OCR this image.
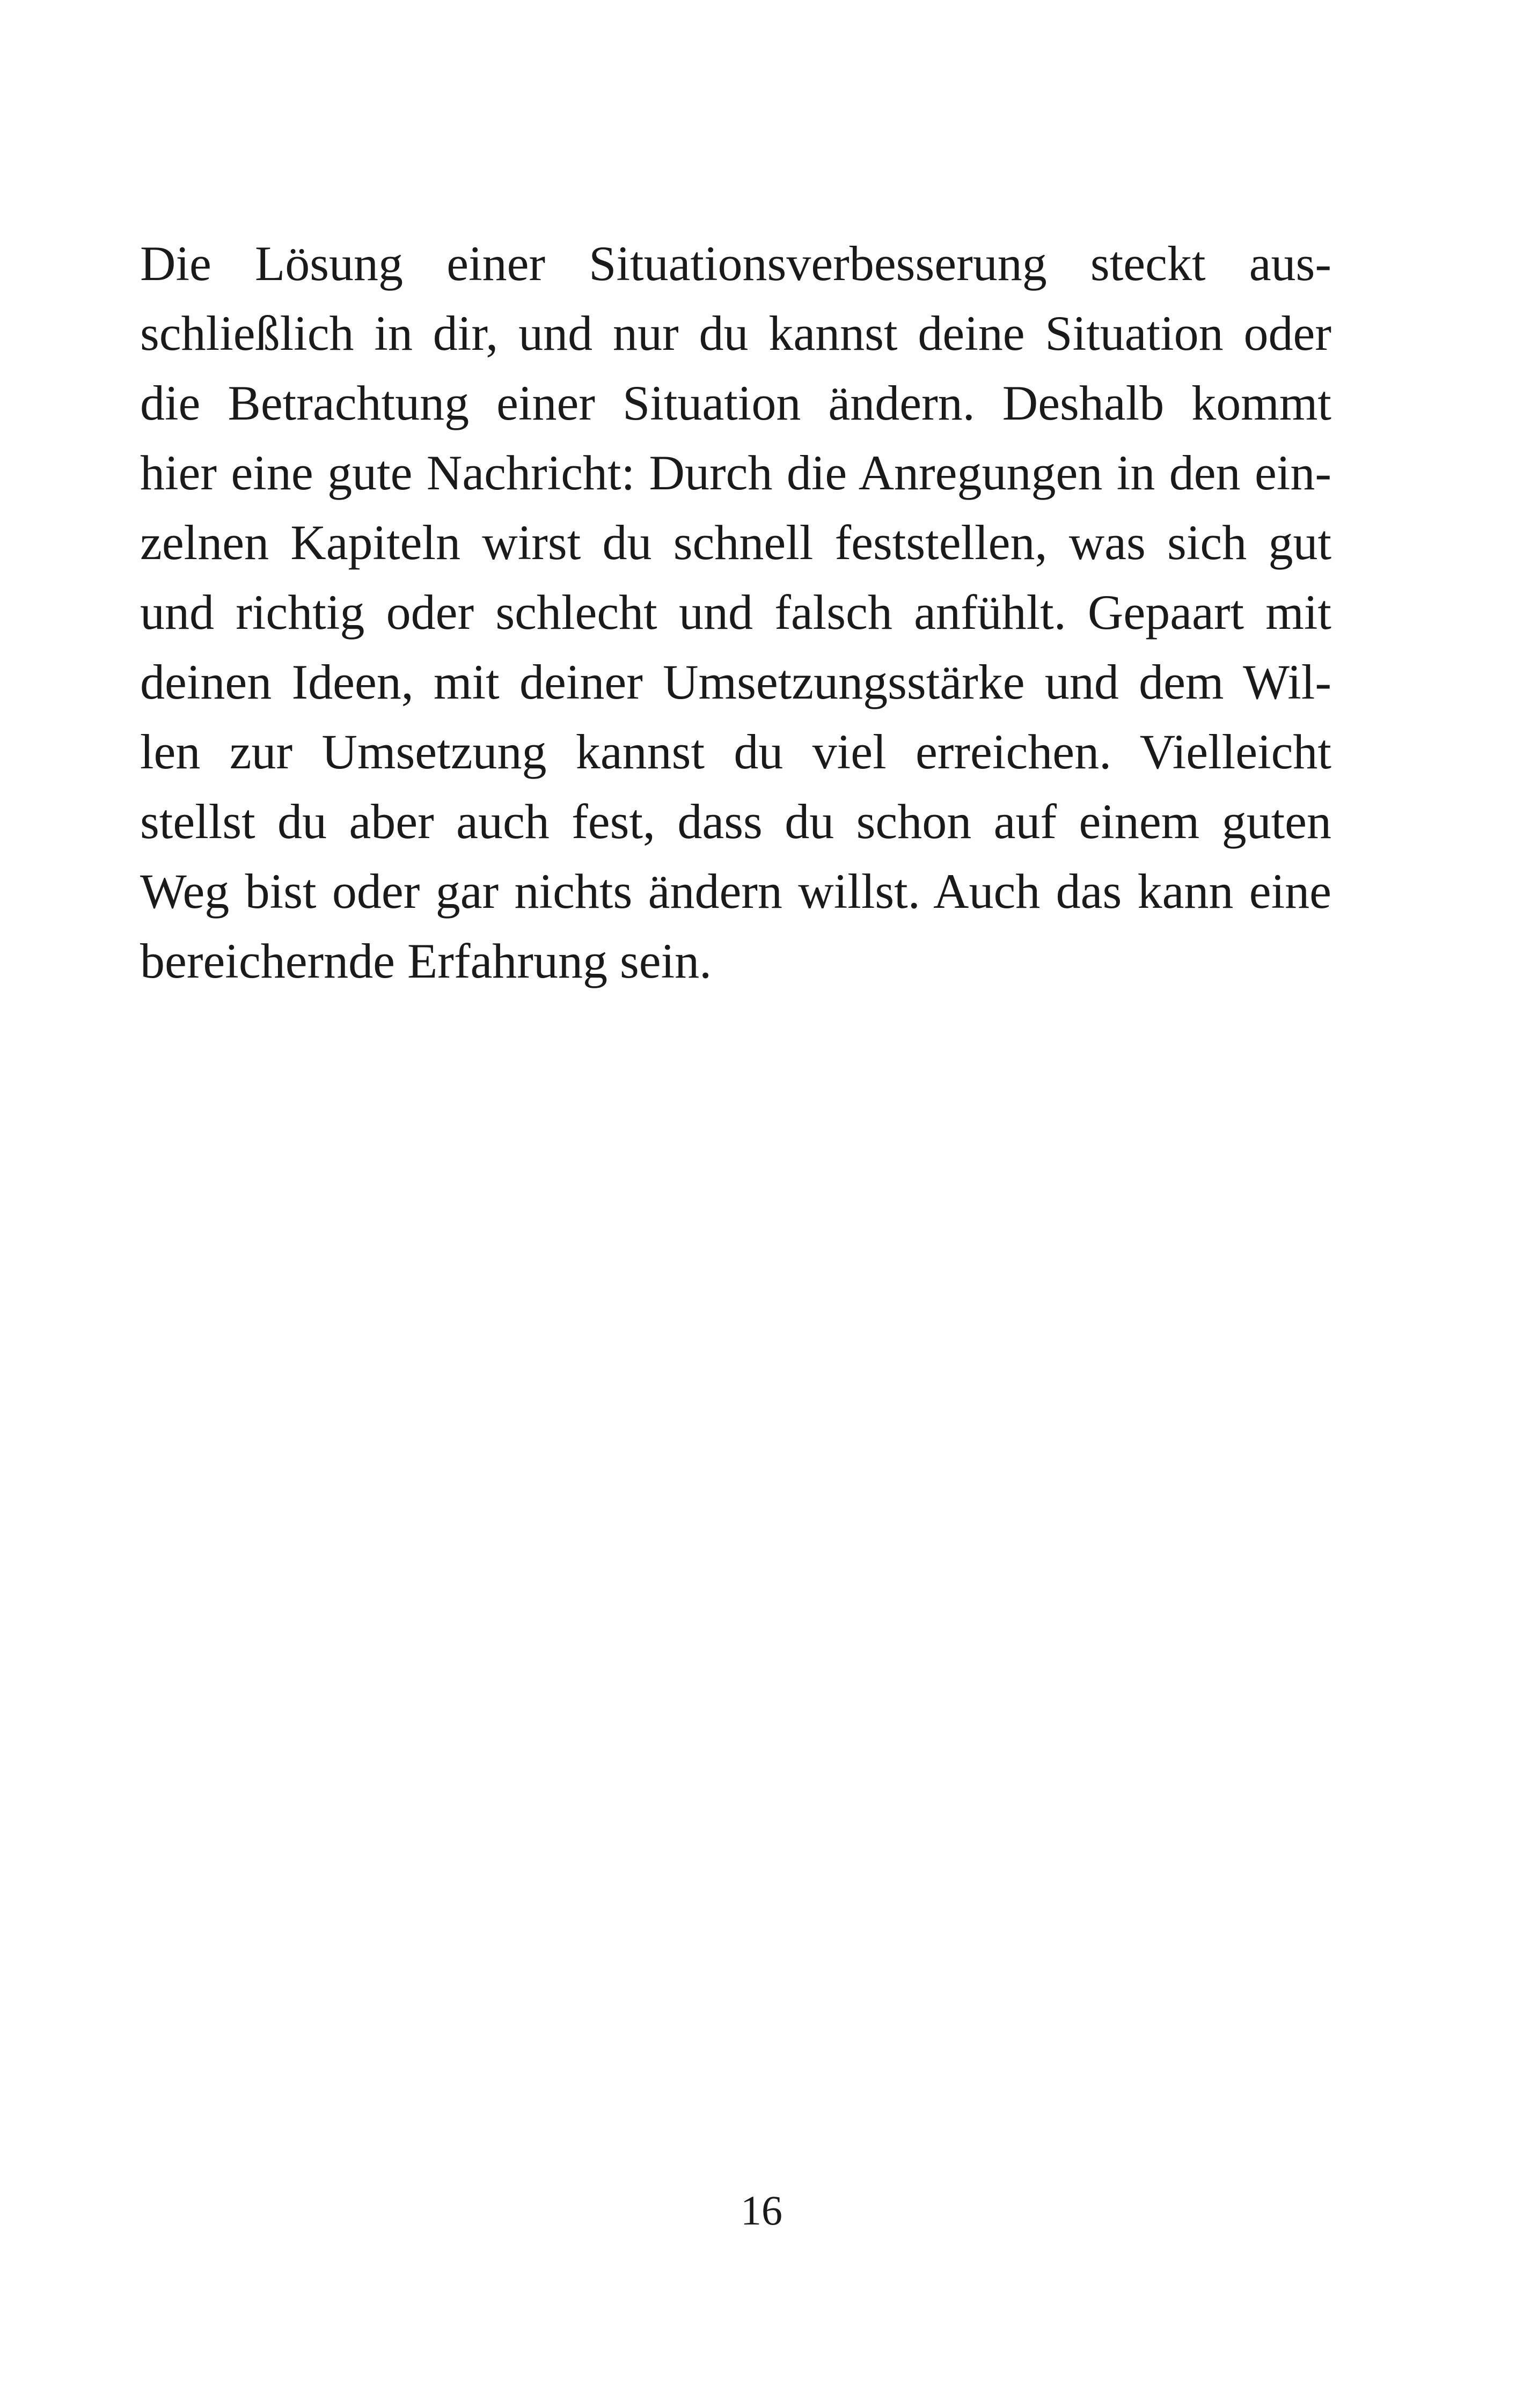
Die Lösung einer Situationsverbesserung steckt aus-
schließlich in dir, und nur du kannst deine Situation oder
die Betrachtung einer Situation ändern. Deshalb kommt
hier eine gute Nachricht: Durch die Anregungen in den ein-
zelnen Kapiteln wirst du schnell feststellen, was sich gut
und richtig oder schlecht und falsch anfühlt. Gepaart mit
deinen Ideen, mit deiner Umsetzungsstärke und dem Wil-
len zur Umsetzung kannst du viel erreichen. Vielleicht
stellst du aber auch fest, dass du schon auf einem guten
Weg bist oder gar nichts ändern willst. Auch das kann eine
bereichernde Erfahrung sein.
16
